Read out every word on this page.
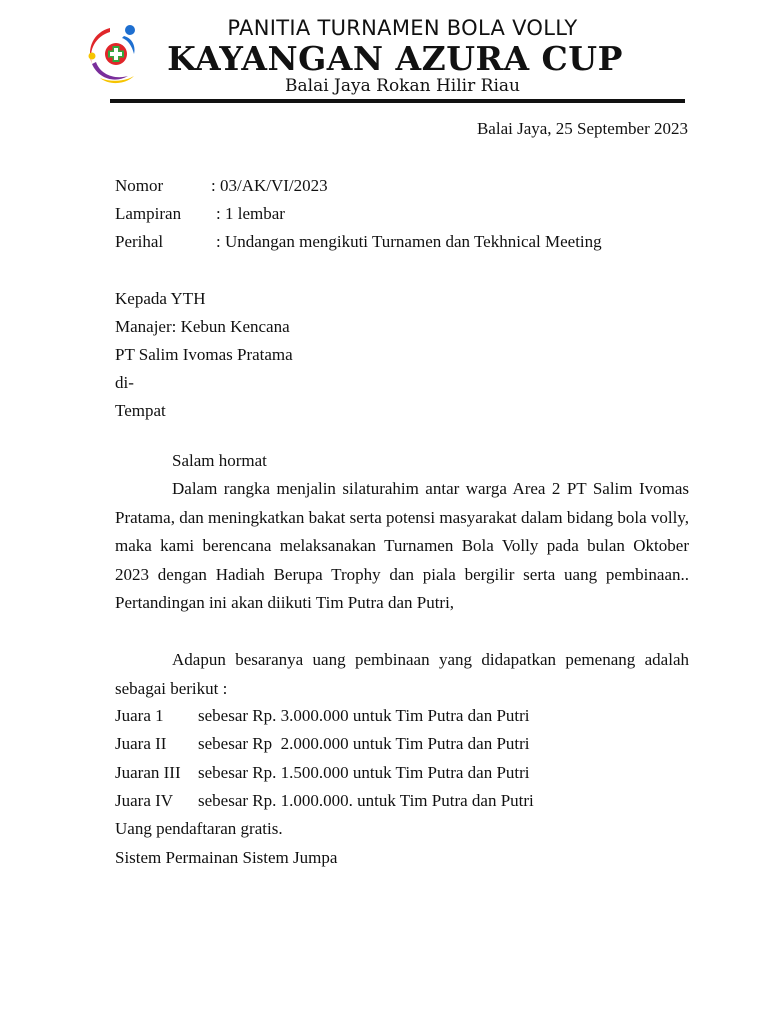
PANITIA TURNAMEN BOLA VOLLY
KAYANGAN AZURA CUP
Balai Jaya Rokan Hilir Riau
Balai Jaya, 25 September 2023
Nomor	: 03/AK/VI/2023
Lampiran : 1 lembar
Perihal	: Undangan mengikuti Turnamen dan Tekhnical Meeting
Kepada YTH
Manajer: Kebun Kencana
PT Salim Ivomas Pratama
di-
Tempat
Salam hormat
Dalam rangka menjalin silaturahim antar warga Area 2 PT Salim Ivomas Pratama, dan meningkatkan bakat serta potensi masyarakat dalam bidang bola volly, maka kami berencana melaksanakan Turnamen Bola Volly pada bulan Oktober 2023 dengan Hadiah Berupa Trophy dan piala bergilir serta uang pembinaan.. Pertandingan ini akan diikuti Tim Putra dan Putri,
Adapun besaranya uang pembinaan yang didapatkan pemenang adalah sebagai berikut :
Juara 1 sebesar Rp. 3.000.000 untuk Tim Putra dan Putri
Juara II sebesar Rp  2.000.000 untuk Tim Putra dan Putri
Juaran III sebesar Rp. 1.500.000 untuk Tim Putra dan Putri
Juara IV sebesar Rp. 1.000.000. untuk Tim Putra dan Putri
Uang pendaftaran gratis.
Sistem Permainan Sistem Jumpa
